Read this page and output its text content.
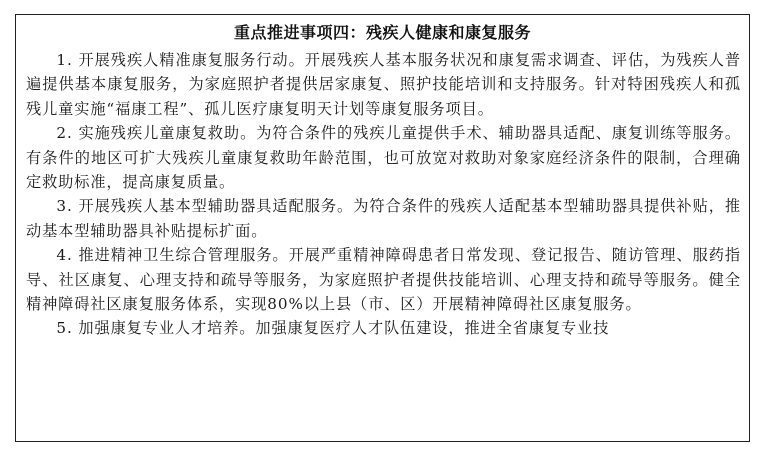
重点推进事项四：残疾人健康和康复服务

1. 开展残疾人精准康复服务行动。开展残疾人基本服务状况和康复需求调查、评估，为残疾人普遍提供基本康复服务，为家庭照护者提供居家康复、照护技能培训和支持服务。针对特困残疾人和孤残儿童实施“福康工程”、孤儿医疗康复明天计划等康复服务项目。

2. 实施残疾儿童康复救助。为符合条件的残疾儿童提供手术、辅助器具适配、康复训练等服务。有条件的地区可扩大残疾儿童康复救助年龄范围，也可放宽对救助对象家庭经济条件的限制，合理确定救助标准，提高康复质量。

3. 开展残疾人基本型辅助器具适配服务。为符合条件的残疾人适配基本型辅助器具提供补贴，推动基本型辅助器具补贴提标扩面。

4. 推进精神卫生综合管理服务。开展严重精神障碍患者日常发现、登记报告、随访管理、服药指导、社区康复、心理支持和疏导等服务，为家庭照护者提供技能培训、心理支持和疏导等服务。健全精神障碍社区康复服务体系，实现80%以上县（市、区）开展精神障碍社区康复服务。

5. 加强康复专业人才培养。加强康复医疗人才队伍建设，推进全省康复专业技
